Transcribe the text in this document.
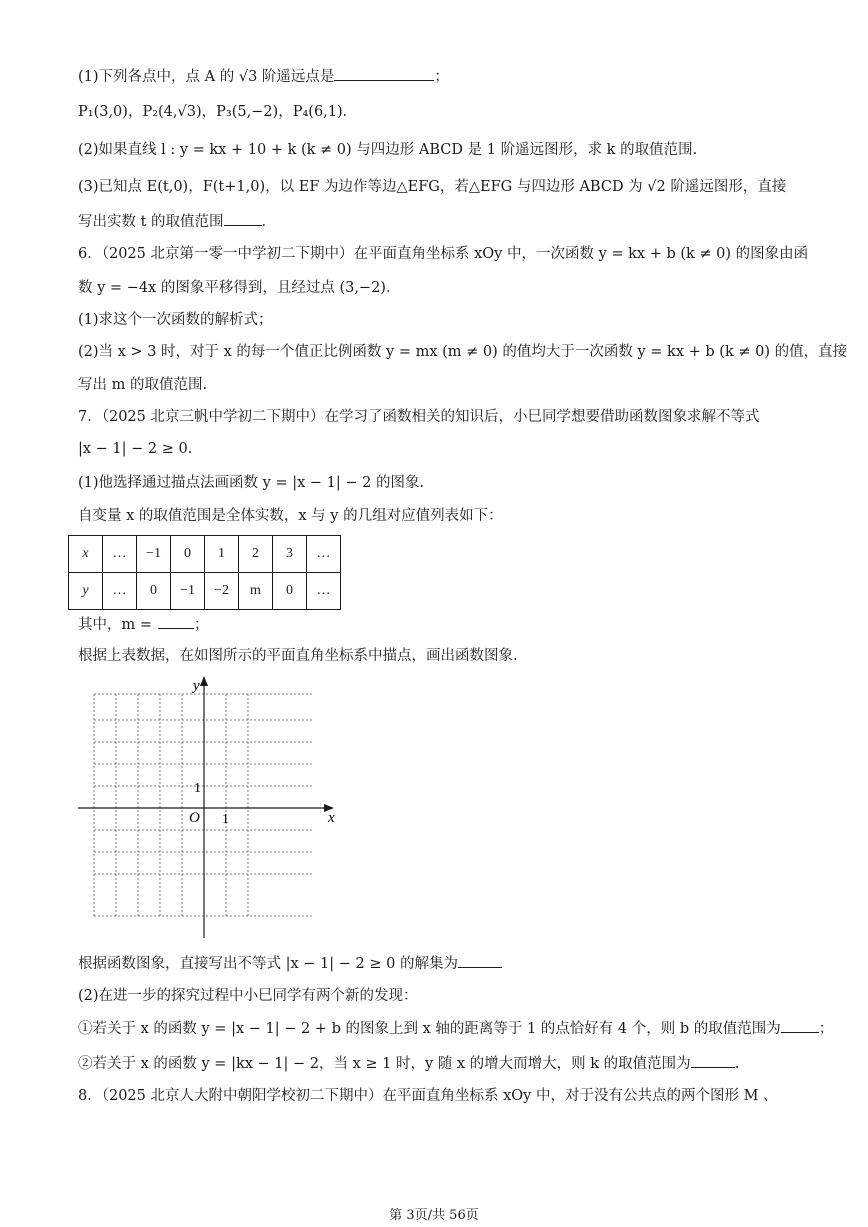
(1)下列各点中，点 A 的 √3 阶遥远点是	；
P₁(3,0)，P₂(4,√3)，P₃(5,−2)，P₄(6,1)．
(2)如果直线 l : y = kx + 10 + k (k ≠ 0) 与四边形 ABCD 是 1 阶遥远图形，求 k 的取值范围.
(3)已知点 E(t,0)，F(t+1,0)，以 EF 为边作等边△EFG，若△EFG 与四边形 ABCD 为 √2 阶遥远图形，直接
写出实数 t 的取值范围	．
6．（2025 北京第一零一中学初二下期中）在平面直角坐标系 xOy 中，一次函数 y = kx + b (k ≠ 0) 的图象由函
数 y = −4x 的图象平移得到，且经过点 (3,−2)．
(1)求这个一次函数的解析式；
(2)当 x > 3 时，对于 x 的每一个值正比例函数 y = mx (m ≠ 0) 的值均大于一次函数 y = kx + b (k ≠ 0) 的值，直接
写出 m 的取值范围.
7．（2025 北京三帆中学初二下期中）在学习了函数相关的知识后，小巳同学想要借助函数图象求解不等式
|x − 1| − 2 ≥ 0．
(1)他选择通过描点法画函数 y = |x − 1| − 2 的图象.
自变量 x 的取值范围是全体实数，x 与 y 的几组对应值列表如下：
x	…	−1	0	1	2	3	…
y	…	0	−1	−2	m	0	…
其中，m =	；
根据上表数据，在如图所示的平面直角坐标系中描点，画出函数图象.
x
y
O 1
1
根据函数图象，直接写出不等式 |x − 1| − 2 ≥ 0 的解集为
(2)在进一步的探究过程中小巳同学有两个新的发现：
①若关于 x 的函数 y = |x − 1| − 2 + b 的图象上到 x 轴的距离等于 1 的点恰好有 4 个，则 b 的取值范围为	；
②若关于 x 的函数 y = |kx − 1| − 2，当 x ≥ 1 时，y 随 x 的增大而增大，则 k 的取值范围为	.
8．（2025 北京人大附中朝阳学校初二下期中）在平面直角坐标系 xOy 中，对于没有公共点的两个图形 M 、
第 3页/共 56页
